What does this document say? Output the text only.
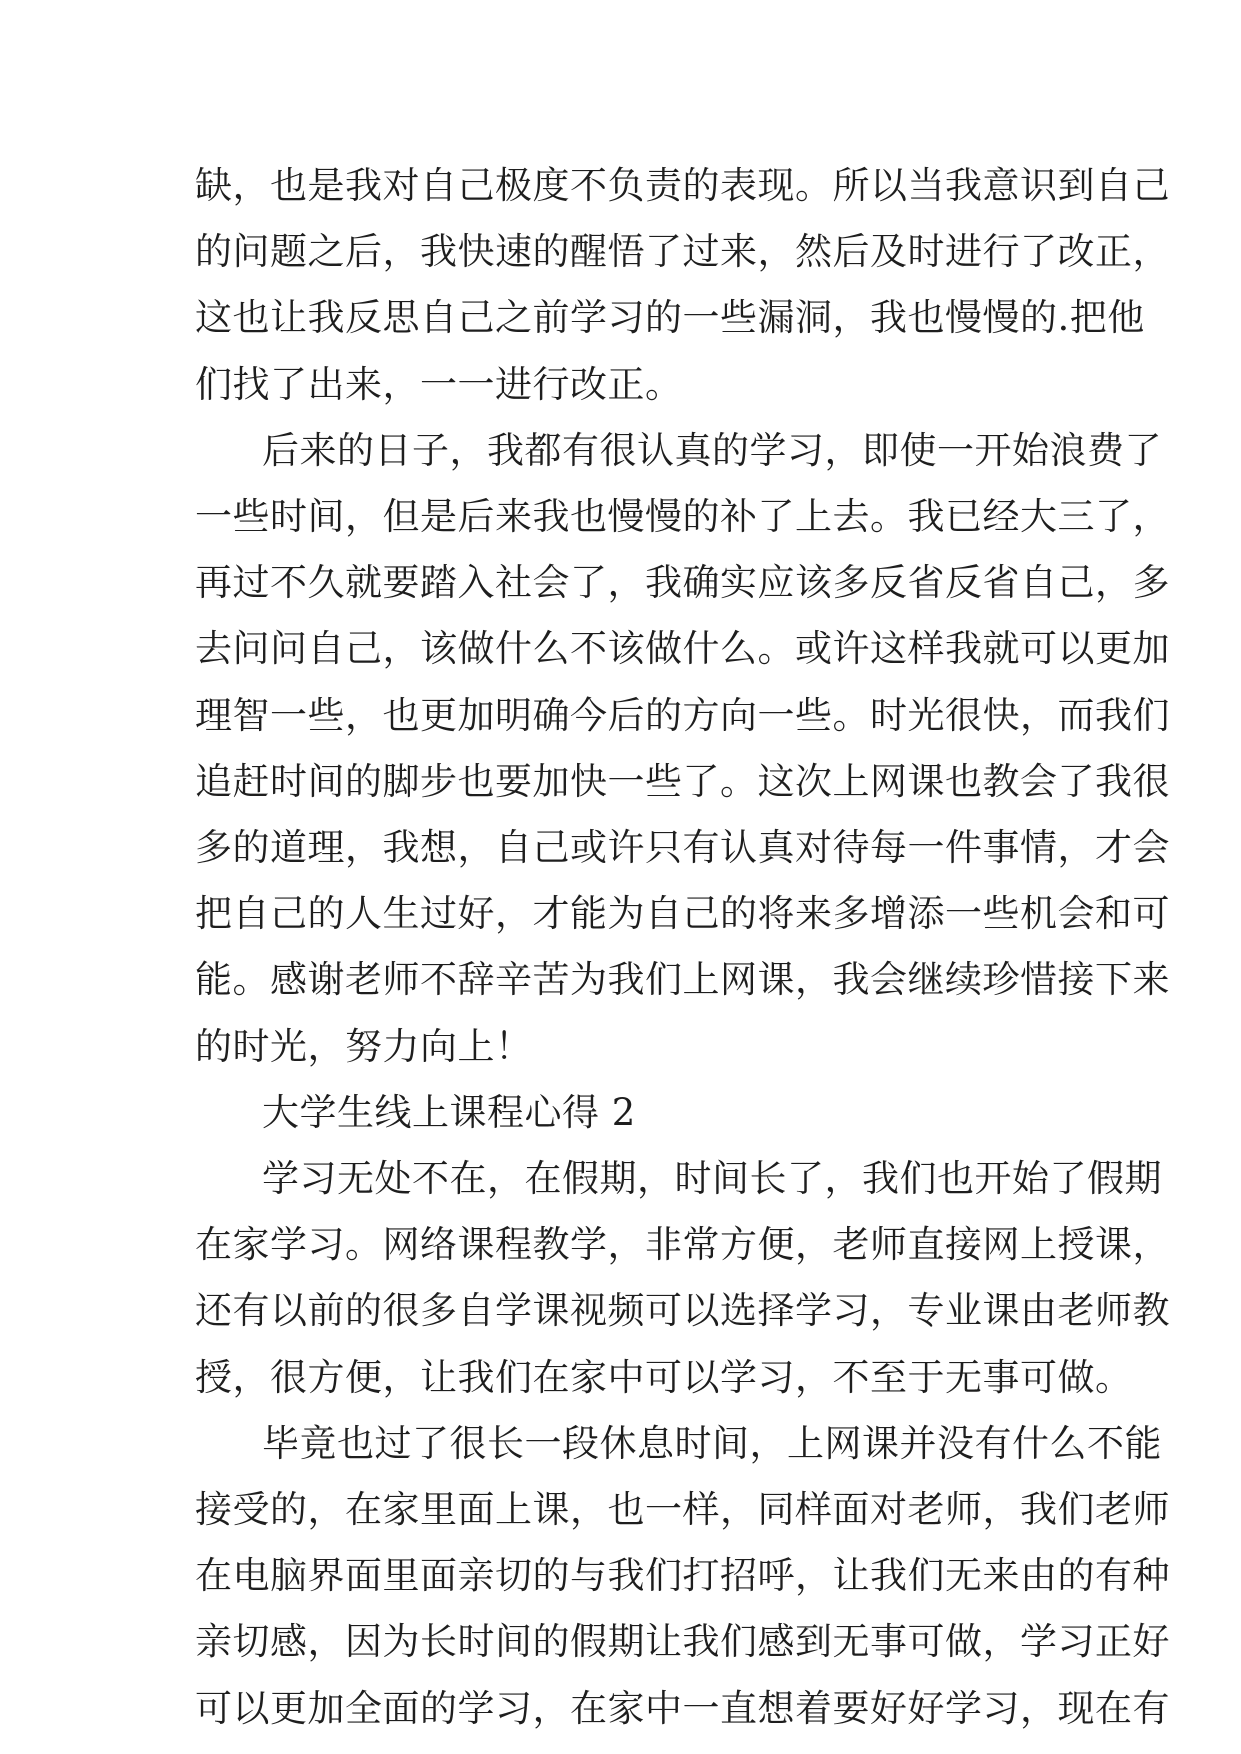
缺，也是我对自己极度不负责的表现。所以当我意识到自己
的问题之后，我快速的醒悟了过来，然后及时进行了改正，
这也让我反思自己之前学习的一些漏洞，我也慢慢的.把他
们找了出来，一一进行改正。
后来的日子，我都有很认真的学习，即使一开始浪费了
一些时间，但是后来我也慢慢的补了上去。我已经大三了，
再过不久就要踏入社会了，我确实应该多反省反省自己，多
去问问自己，该做什么不该做什么。或许这样我就可以更加
理智一些，也更加明确今后的方向一些。时光很快，而我们
追赶时间的脚步也要加快一些了。这次上网课也教会了我很
多的道理，我想，自己或许只有认真对待每一件事情，才会
把自己的人生过好，才能为自己的将来多增添一些机会和可
能。感谢老师不辞辛苦为我们上网课，我会继续珍惜接下来
的时光，努力向上！
大学生线上课程心得 2
学习无处不在，在假期，时间长了，我们也开始了假期
在家学习。网络课程教学，非常方便，老师直接网上授课，
还有以前的很多自学课视频可以选择学习，专业课由老师教
授，很方便，让我们在家中可以学习，不至于无事可做。
毕竟也过了很长一段休息时间，上网课并没有什么不能
接受的，在家里面上课，也一样，同样面对老师，我们老师
在电脑界面里面亲切的与我们打招呼，让我们无来由的有种
亲切感，因为长时间的假期让我们感到无事可做，学习正好
可以更加全面的学习，在家中一直想着要好好学习，现在有
